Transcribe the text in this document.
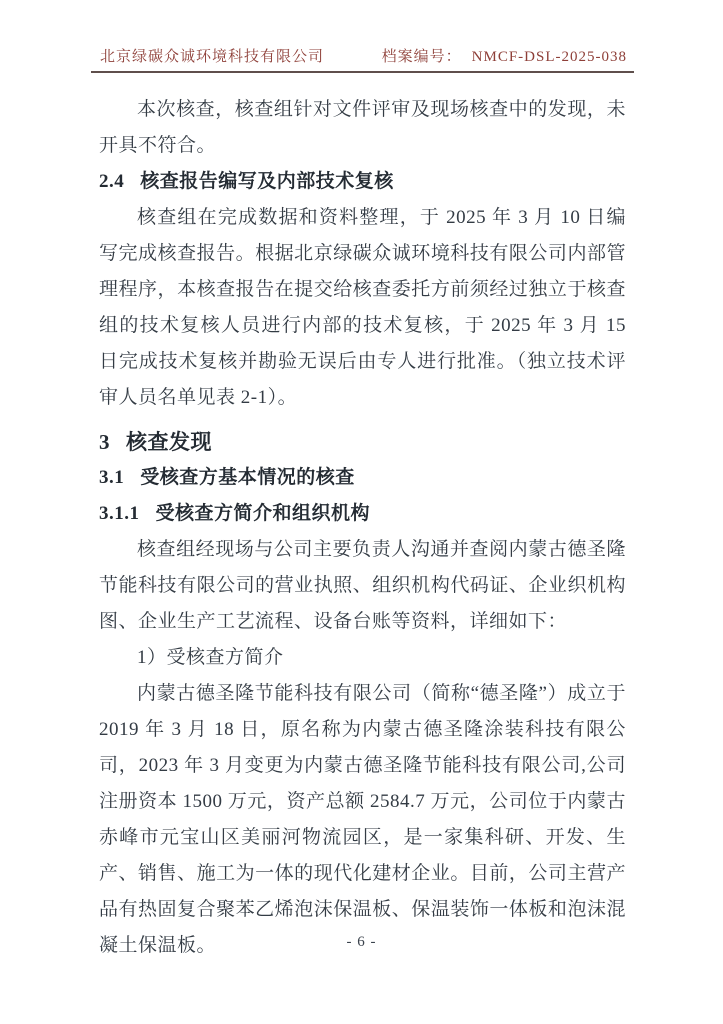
北京绿碳众诚环境科技有限公司	档案编号： NMCF-DSL-2025-038

本次核查，核查组针对文件评审及现场核查中的发现，未开具不符合。

2.4 核查报告编写及内部技术复核

核查组在完成数据和资料整理，于 2025 年 3 月 10 日编写完成核查报告。根据北京绿碳众诚环境科技有限公司内部管理程序，本核查报告在提交给核查委托方前须经过独立于核查组的技术复核人员进行内部的技术复核，于 2025 年 3 月 15 日完成技术复核并勘验无误后由专人进行批准。（独立技术评审人员名单见表 2-1）。

3 核查发现
3.1 受核查方基本情况的核查
3.1.1 受核查方简介和组织机构

核查组经现场与公司主要负责人沟通并查阅内蒙古德圣隆节能科技有限公司的营业执照、组织机构代码证、企业织机构图、企业生产工艺流程、设备台账等资料，详细如下：

1）受核查方简介

内蒙古德圣隆节能科技有限公司（简称“德圣隆”）成立于 2019 年 3 月 18 日，原名称为内蒙古德圣隆涂装科技有限公司，2023 年 3 月变更为内蒙古德圣隆节能科技有限公司,公司注册资本 1500 万元，资产总额 2584.7 万元，公司位于内蒙古赤峰市元宝山区美丽河物流园区，是一家集科研、开发、生产、销售、施工为一体的现代化建材企业。目前，公司主营产品有热固复合聚苯乙烯泡沫保温板、保温装饰一体板和泡沫混凝土保温板。	- 6 -
